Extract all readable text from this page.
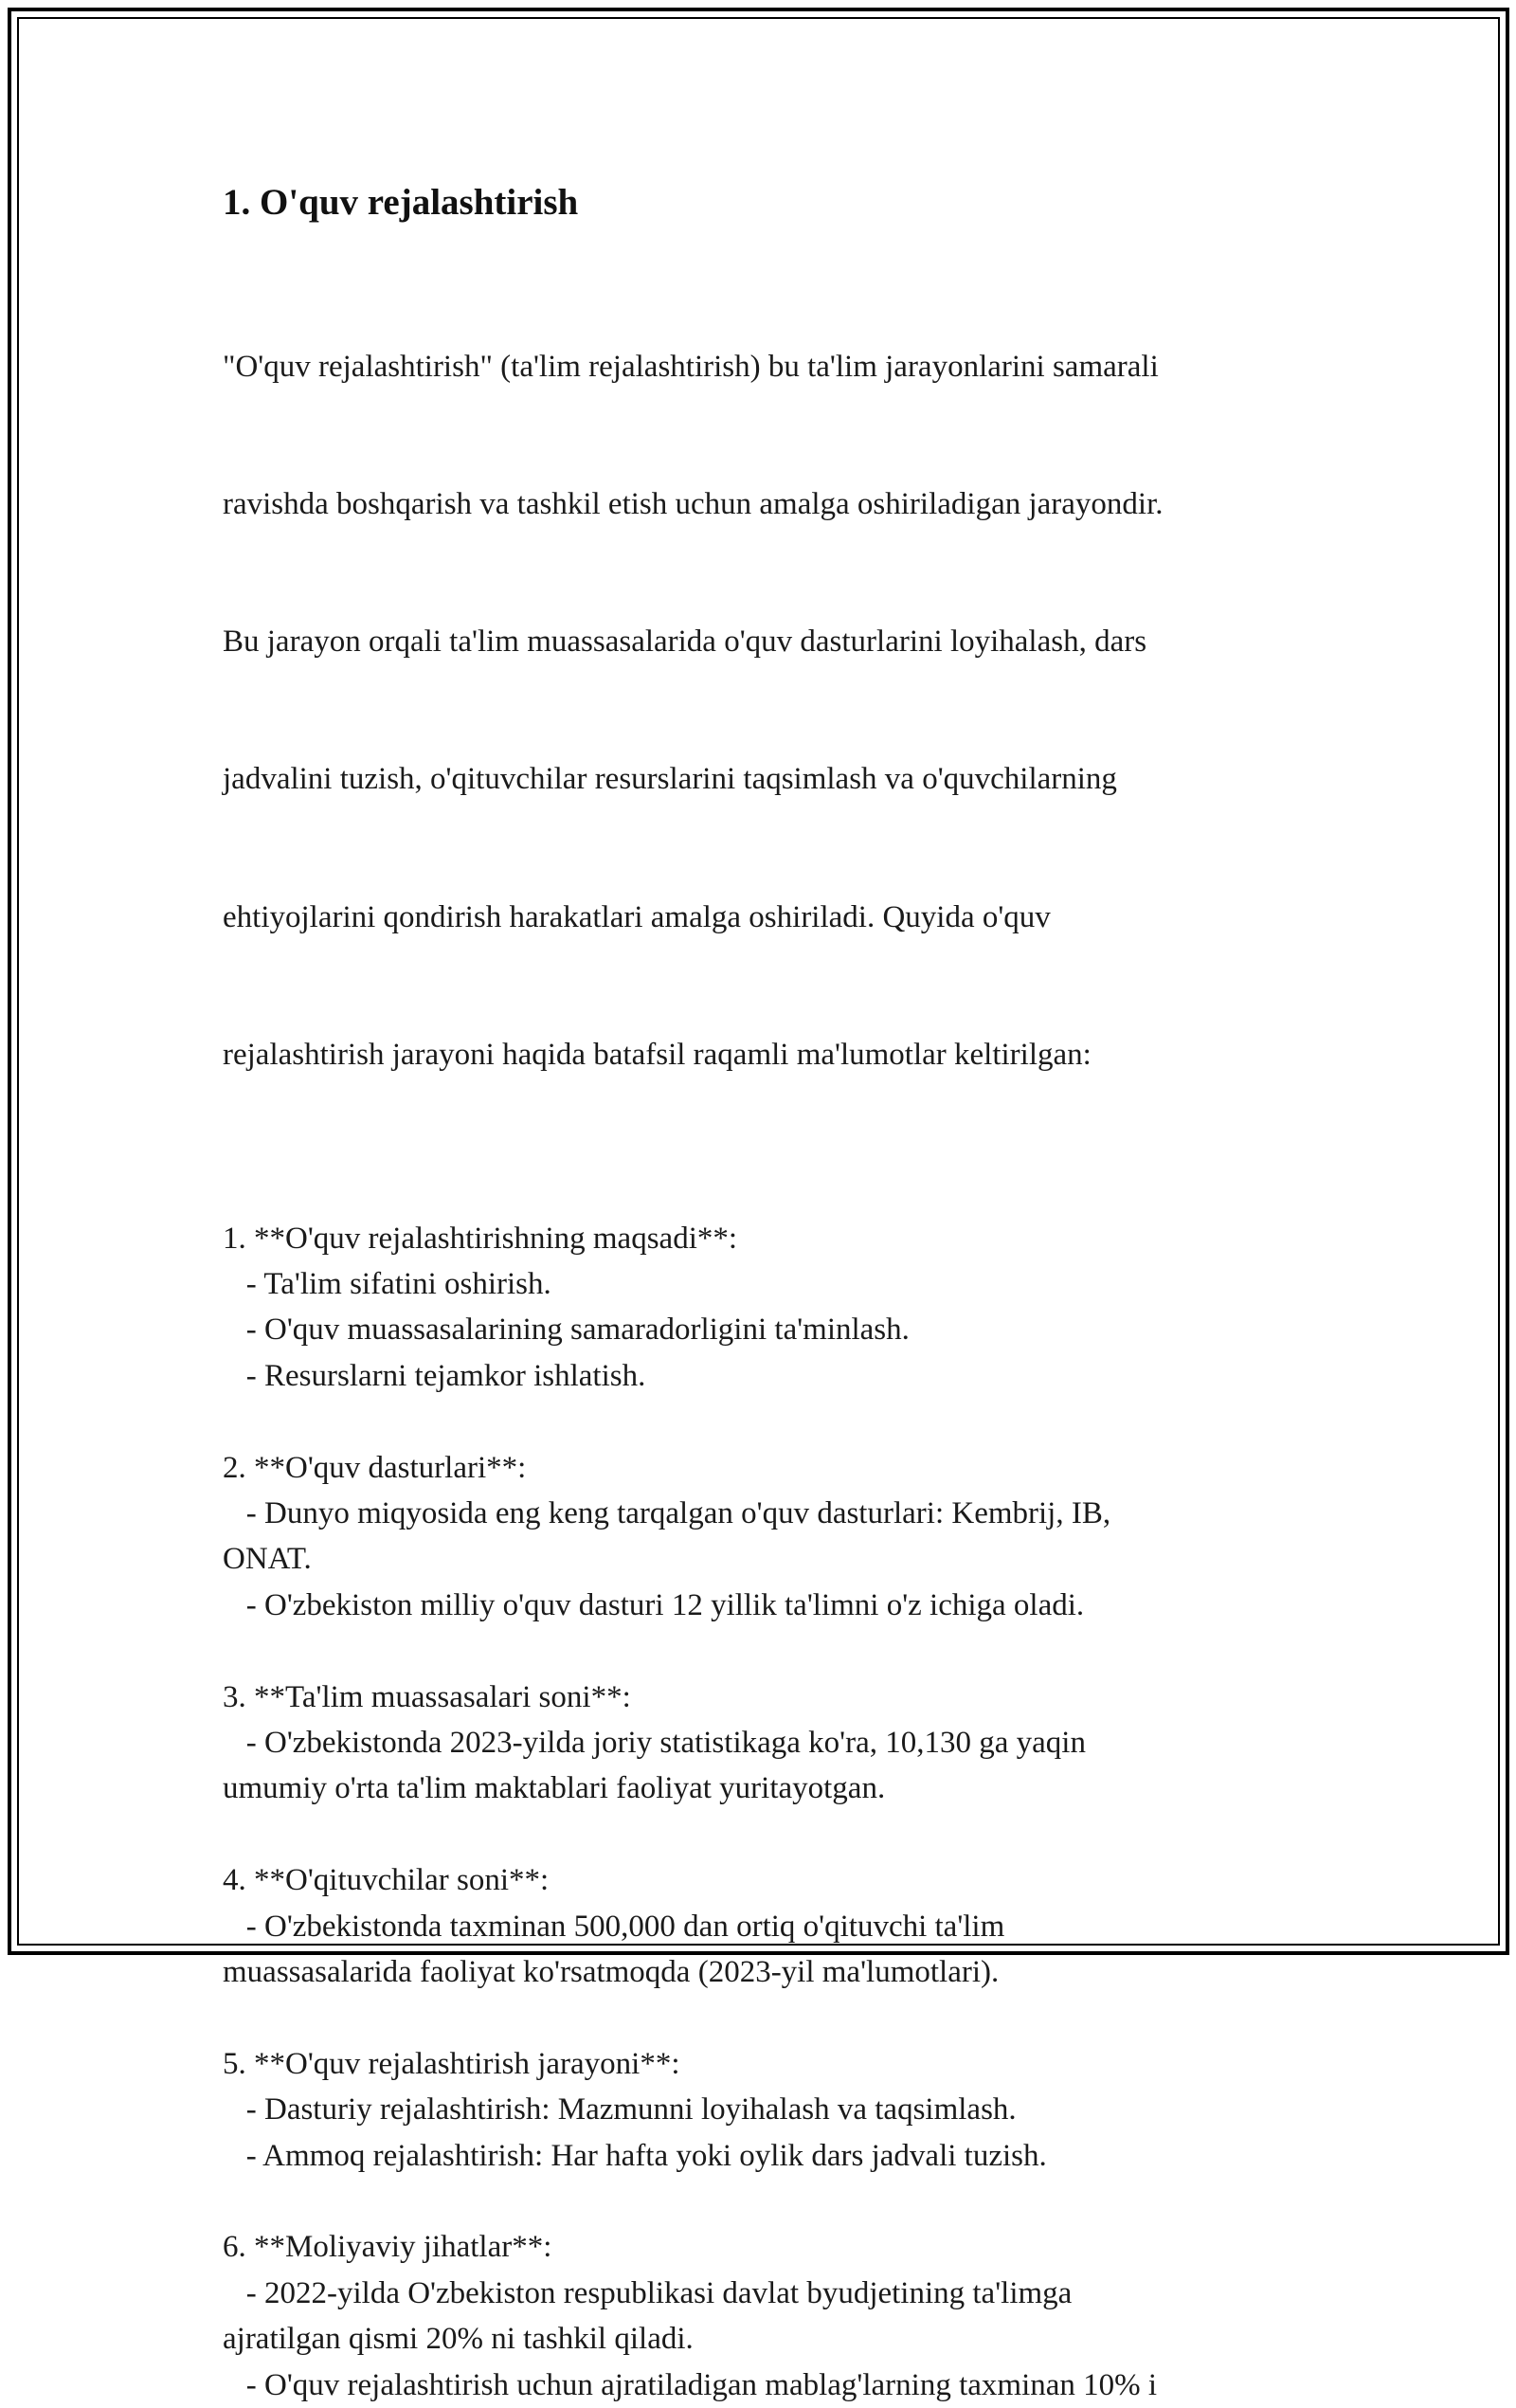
1. O'quv rejalashtirish

"O'quv rejalashtirish" (ta'lim rejalashtirish) bu ta'lim jarayonlarini samarali

ravishda boshqarish va tashkil etish uchun amalga oshiriladigan jarayondir.

Bu jarayon orqali ta'lim muassasalarida o'quv dasturlarini loyihalash, dars

jadvalini tuzish, o'qituvchilar resurslarini taqsimlash va o'quvchilarning

ehtiyojlarini qondirish harakatlari amalga oshiriladi. Quyida o'quv

rejalashtirish jarayoni haqida batafsil raqamli ma'lumotlar keltirilgan:

1. **O'quv rejalashtirishning maqsadi**:
- Ta'lim sifatini oshirish.
- O'quv muassasalarining samaradorligini ta'minlash.
- Resurslarni tejamkor ishlatish.
2. **O'quv dasturlari**:
- Dunyo miqyosida eng keng tarqalgan o'quv dasturlari: Kembrij, IB,
ONAT.
- O'zbekiston milliy o'quv dasturi 12 yillik ta'limni o'z ichiga oladi.
3. **Ta'lim muassasalari soni**:
- O'zbekistonda 2023-yilda joriy statistikaga ko'ra, 10,130 ga yaqin
umumiy o'rta ta'lim maktablari faoliyat yuritayotgan.
4. **O'qituvchilar soni**:
- O'zbekistonda taxminan 500,000 dan ortiq o'qituvchi ta'lim
muassasalarida faoliyat ko'rsatmoqda (2023-yil ma'lumotlari).
5. **O'quv rejalashtirish jarayoni**:
- Dasturiy rejalashtirish: Mazmunni loyihalash va taqsimlash.
- Ammoq rejalashtirish: Har hafta yoki oylik dars jadvali tuzish.
6. **Moliyaviy jihatlar**:
- 2022-yilda O'zbekiston respublikasi davlat byudjetining ta'limga
ajratilgan qismi 20% ni tashkil qiladi.
- O'quv rejalashtirish uchun ajratiladigan mablag'larning taxminan 10% i
